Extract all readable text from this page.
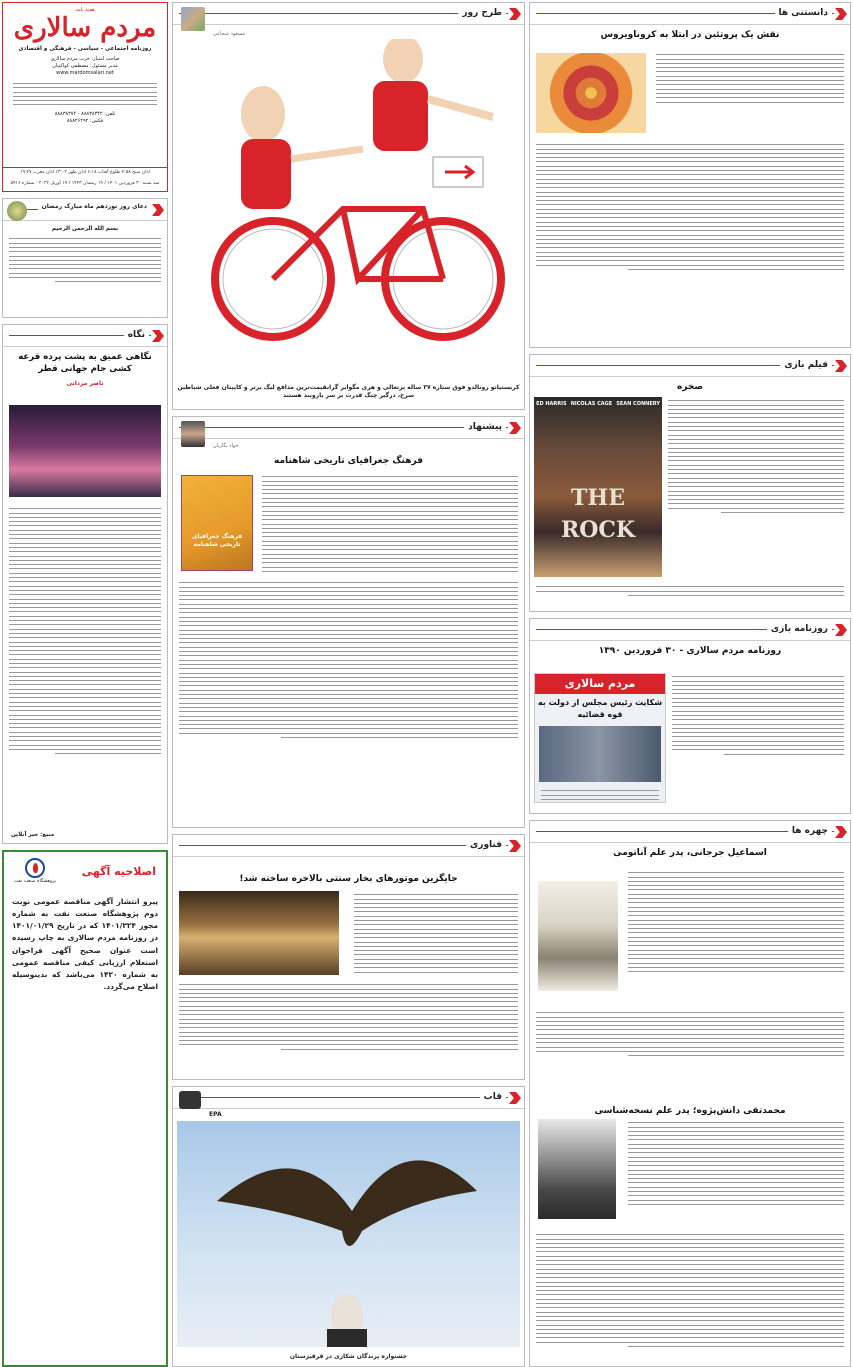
دانستنی ها
نقش یک پروتئین در ابتلا به کروناویروس
فیلم بازی
صخره
SEAN CONNERY
NICOLAS CAGE
ED HARRIS
THE ROCK
روزنامه بازی
روزنامه مردم سالاری - ۳۰ فروردین ۱۳۹۰
مردم سالاری
شکایت رئیس مجلس از دولت به قوه قضائیه
چهره ها
اسماعیل جرجانی، پدر علم آناتومی
محمدتقی دانش‌پژوه؛ پدر علم نسخه‌شناسی
طرح روز
مسعود شجاعی
کریستیانو رونالدو فوق ستاره ۳۷ ساله پرتغالی و هری مگوایر گرانقیمت‌ترین مدافع لیگ برتر و کاپیتان فعلی شیاطین سرخ، درگیر چنگ قدرت بر سر بازوبند هستند
پیشنهاد
جواد نگاریان
فرهنگ جغرافیای تاریخی شاهنامه
فرهنگ جغرافیای تاریخی شاهنامه
فناوری
جایگزین موتورهای بخار سنتی بالاخره ساخته شد!
قاب
EPA
جشنواره پرندگان شکاری در قرقیزستان
هفته نامه
مردم سالاری
روزنامه اجتماعی - سیاسی - فرهنگی و اقتصادی
صاحب امتیاز: حزب مردم سالاری
مدیر مسئول: مصطفی کواکبیان
www.mardomsalari.net
تلفن: ۸۸۸۳۸۳۴۲ - ۸۸۸۳۸۳۷۴
فکس: ۸۸۸۲۶۲۹۲
اذان صبح ۴:۵۸ طلوع آفتاب ۶:۱۸ اذان ظهر ۱۳:۰۲ اذان مغرب ۱۹:۴۷
سه شنبه ۳۰ فروردین ۱۴۰۱ / ۱۹ رمضان ۱۴۴۳ / ۱۹ آوریل ۲۰۲۲ - شماره ۵۹۱۶
دعای روز نوزدهم ماه مبارک رمضان
بسم الله الرحمن الرحیم
نگاه
نگاهی عمیق به پشت پرده قرعه کشی جام جهانی قطر
ناصر مردانی
منبع: خبر آنلاین
اصلاحیه آگهی
پژوهشگاه صنعت نفت
پیرو انتشار آگهی مناقصه عمومی نوبت دوم پژوهشگاه صنعت نفت به شماره مجوز ۱۴۰۱/۳۲۴ که در تاریخ ۱۴۰۱/۰۱/۲۹ در روزنامه مردم سالاری به چاپ رسیده است عنوان صحیح آگهی فراخوان استعلام ارزیابی کیفی مناقصه عمومی به شماره ۱۴۲۰ می‌باشد که بدینوسیله اصلاح می‌گردد.
